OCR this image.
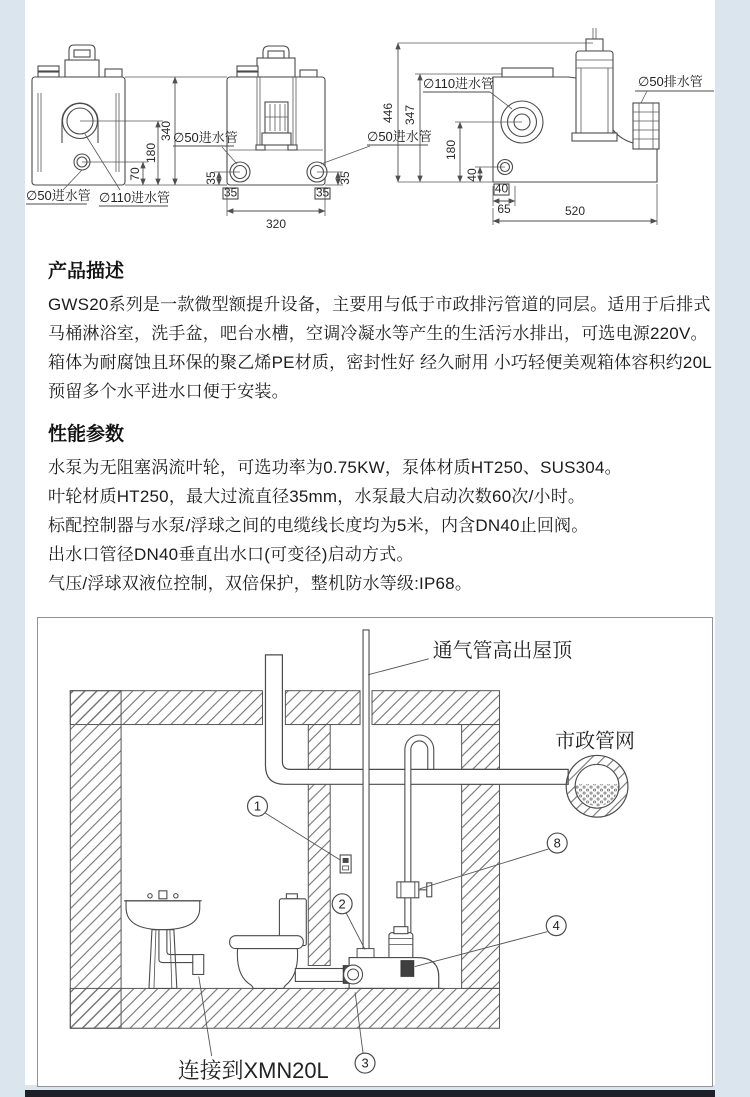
70
180
340
∅50进水管 ∅110进水管
35
35
35
35
320
∅50进水管	∅50进水管
446 347
180
40
40
65	520
∅110进水管	∅50排水管
产品描述

GWS20系列是一款微型额提升设备，主要用与低于市政排污管道的同层。适用于后排式

马桶淋浴室，洗手盆，吧台水槽，空调冷凝水等产生的生活污水排出，可选电源220V。

箱体为耐腐蚀且环保的聚乙烯PE材质，密封性好 经久耐用 小巧轻便美观箱体容积约20L

预留多个水平进水口便于安装。

性能参数

水泵为无阻塞涡流叶轮，可选功率为0.75KW，泵体材质HT250、SUS304。

叶轮材质HT250，最大过流直径35mm，水泵最大启动次数60次/小时。

标配控制器与水泵/浮球之间的电缆线长度均为5米，内含DN40止回阀。

出水口管径DN40垂直出水口(可变径)启动方式。

气压/浮球双液位控制，双倍保护，整机防水等级:IP68。

1
2
3
4
8
通气管高出屋顶
市政管网
连接到XMN20L
